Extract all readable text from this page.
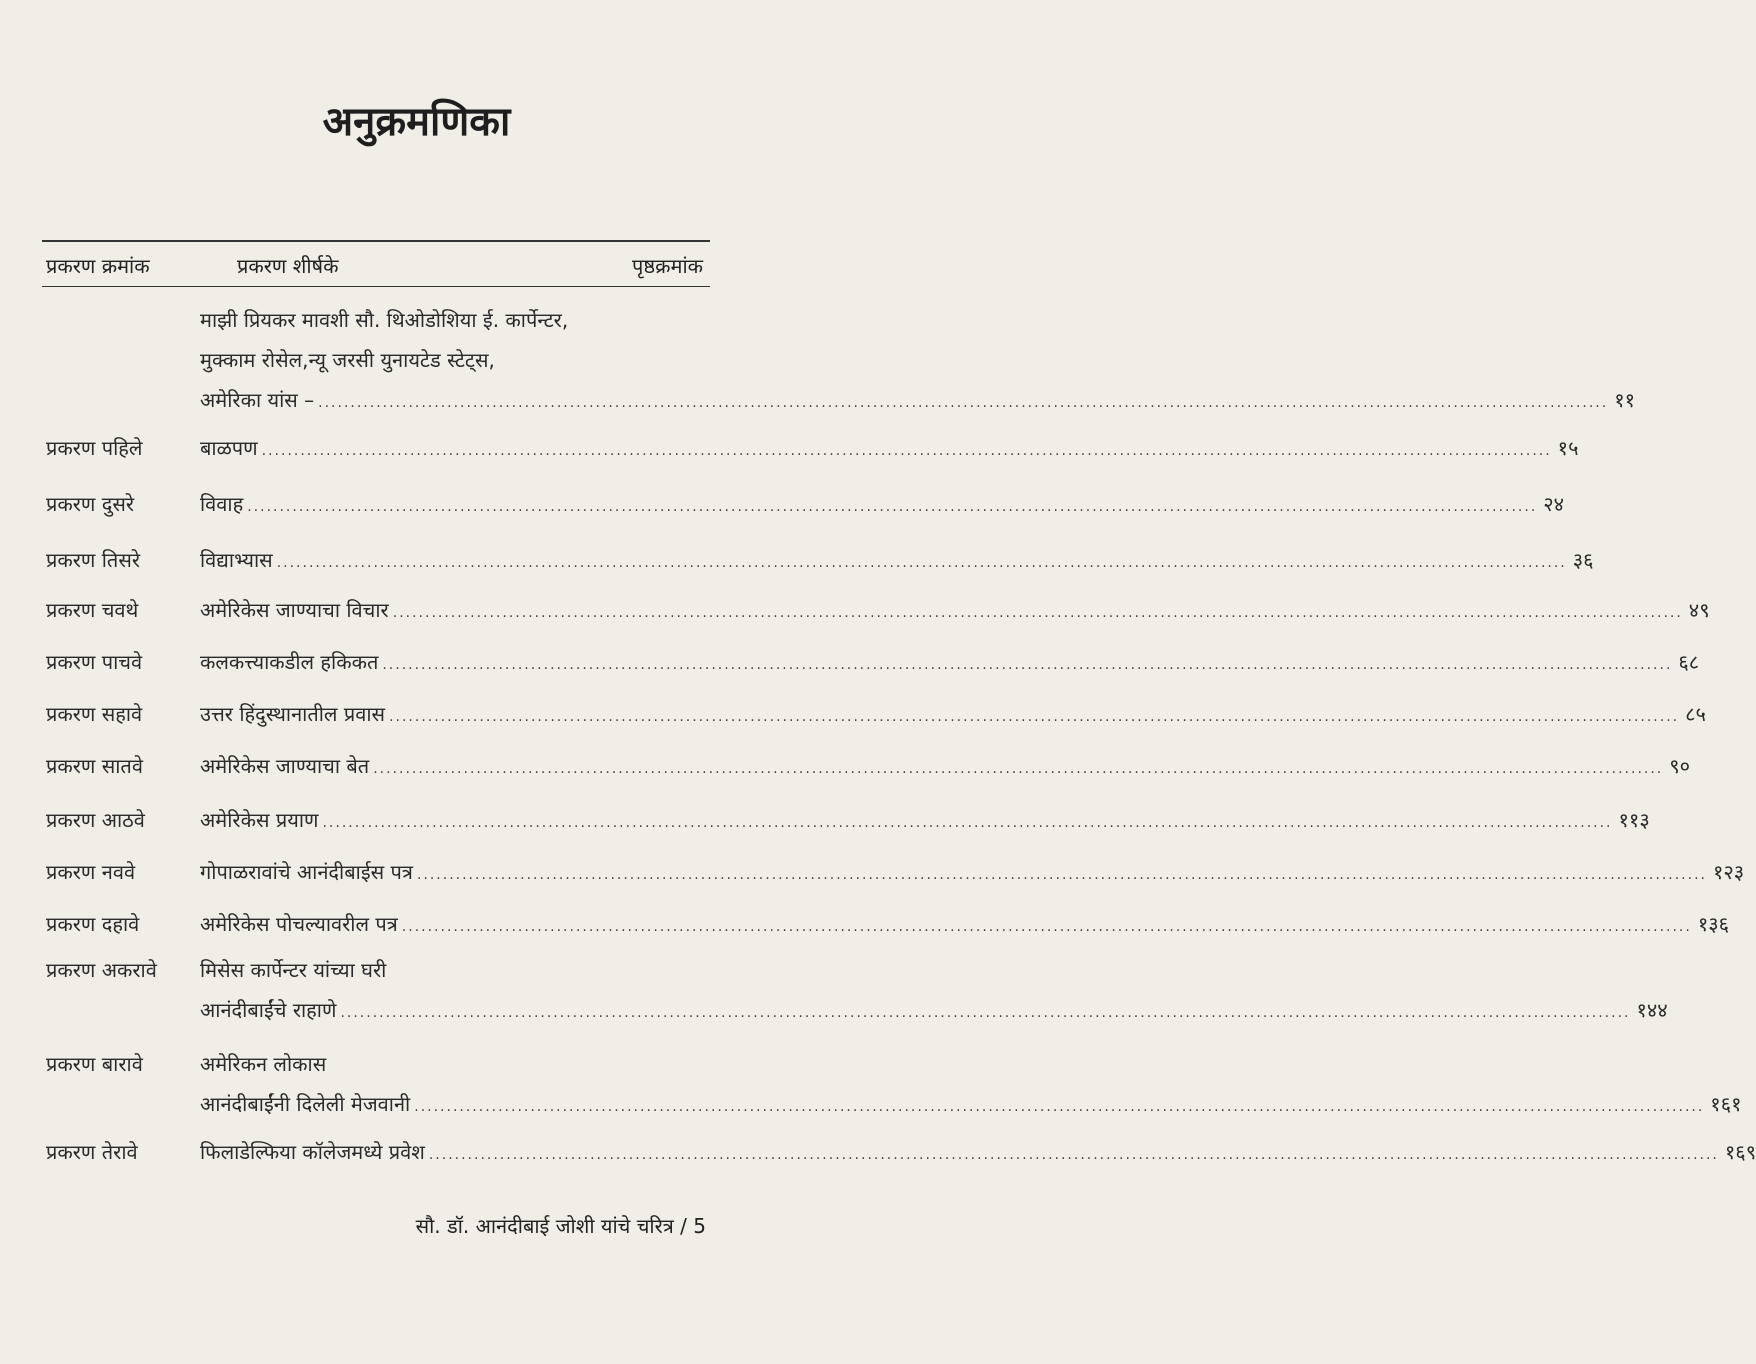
अनुक्रमणिका
प्रकरण क्रमांक	प्रकरण शीर्षके	पृष्ठक्रमांक
माझी प्रियकर मावशी सौ. थिओडोशिया ई. कार्पेन्टर,
मुक्काम रोसेल,न्यू जरसी युनायटेड स्टेट्स,
अमेरिका यांस – ........................................................................................................................................................................................................ ११
प्रकरण पहिले	बाळपण ........................................................................................................................................................................................................ १५
प्रकरण दुसरे	विवाह ........................................................................................................................................................................................................ २४
प्रकरण तिसरे	विद्याभ्यास ........................................................................................................................................................................................................ ३६
प्रकरण चवथे	अमेरिकेस जाण्याचा विचार ........................................................................................................................................................................................................ ४९
प्रकरण पाचवे	कलकत्त्याकडील हकिकत ........................................................................................................................................................................................................ ६८
प्रकरण सहावे	उत्तर हिंदुस्थानातील प्रवास ........................................................................................................................................................................................................ ८५
प्रकरण सातवे	अमेरिकेस जाण्याचा बेत ........................................................................................................................................................................................................ ९०
प्रकरण आठवे	अमेरिकेस प्रयाण ........................................................................................................................................................................................................ ११३
प्रकरण नववे	गोपाळरावांचे आनंदीबाईस पत्र ........................................................................................................................................................................................................ १२३
प्रकरण दहावे	अमेरिकेस पोचल्यावरील पत्र ........................................................................................................................................................................................................ १३६
प्रकरण अकरावे मिसेस कार्पेन्टर यांच्या घरी
आनंदीबाईंचे राहाणे ........................................................................................................................................................................................................ १४४
प्रकरण बारावे	अमेरिकन लोकास
आनंदीबाईंनी दिलेली मेजवानी ........................................................................................................................................................................................................ १६१
प्रकरण तेरावे	फिलाडेल्फिया कॉलेजमध्ये प्रवेश ........................................................................................................................................................................................................ १६९
सौ. डॉ. आनंदीबाई जोशी यांचे चरित्र / 5
